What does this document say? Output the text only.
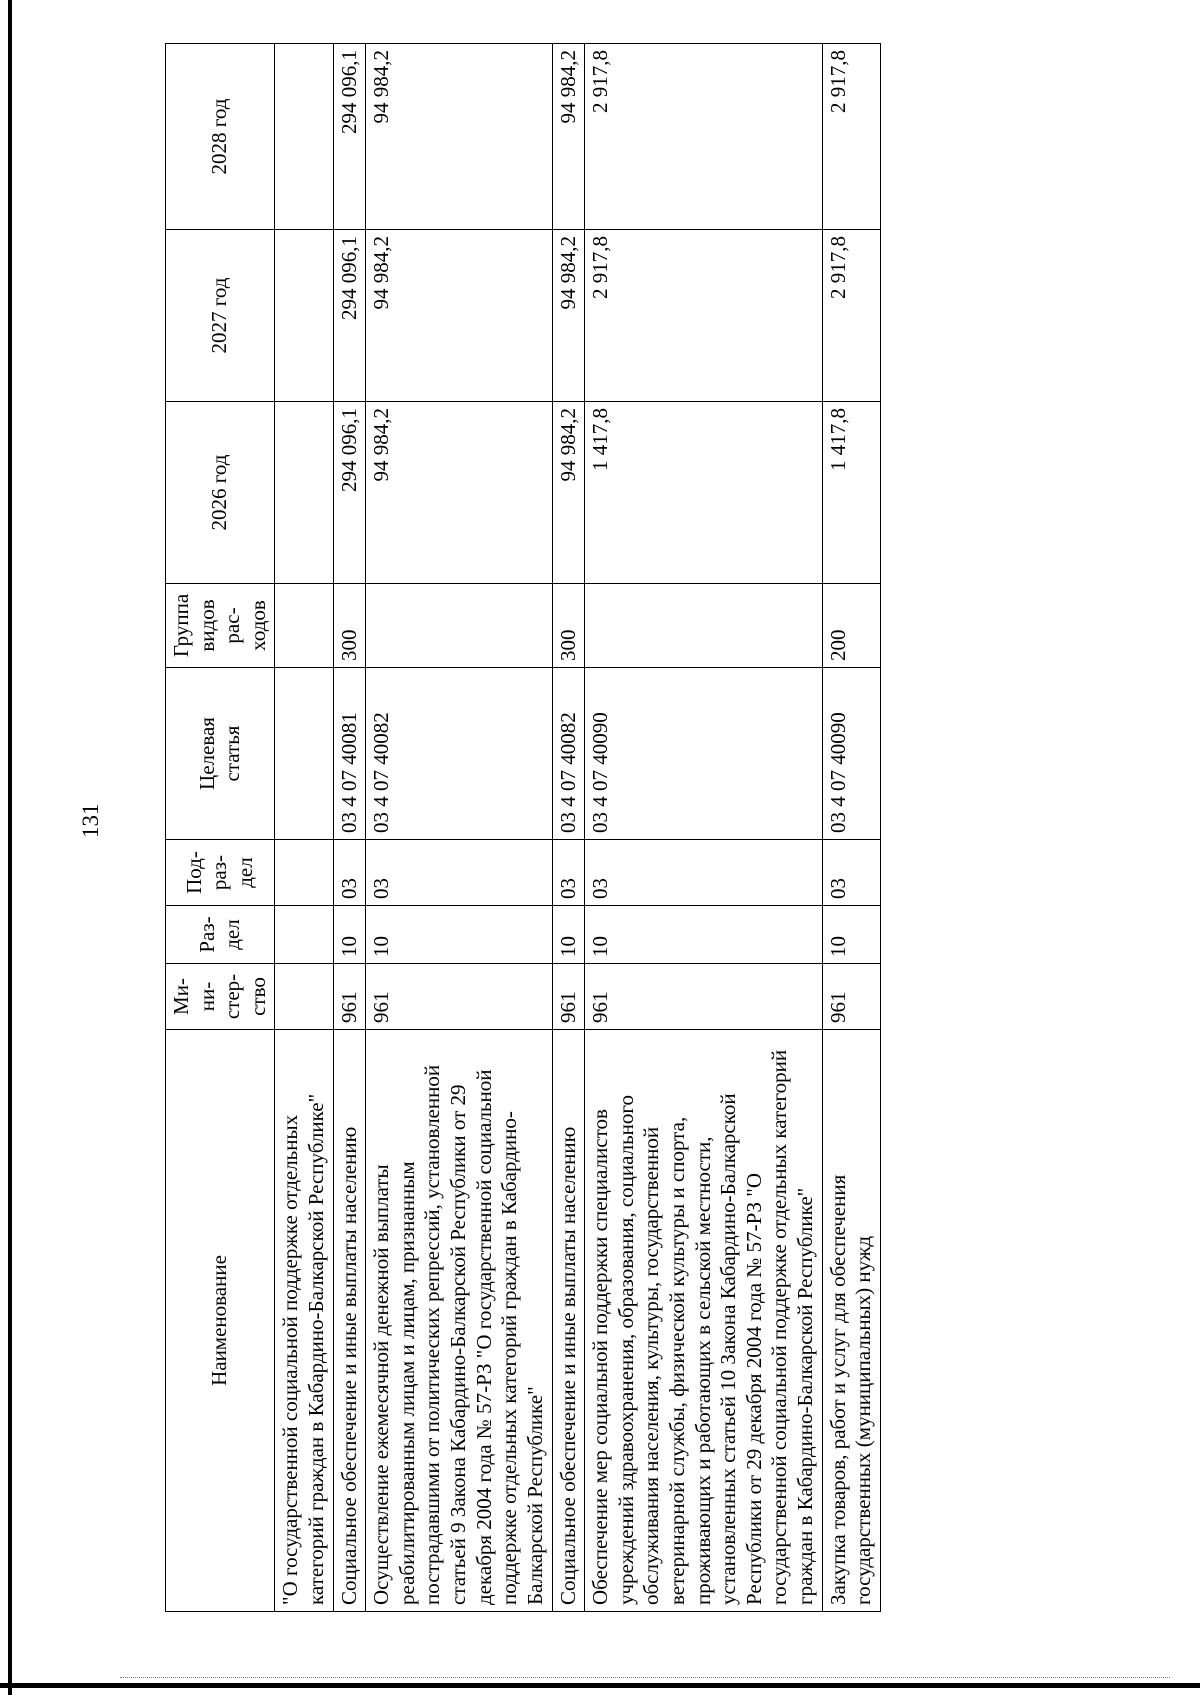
131
Наименование	Ми-
ни-
стер-
ство	Раз-
дел	Под-
раз-
дел	Целевая
статья	Группа
видов
рас-
ходов	2026 год	2027 год	2028 год
"О государственной социальной поддержке отдельных категорий граждан в Кабардино-Балкарской Республике"								
Социальное обеспечение и иные выплаты населению	961	10	03	03 4 07 40081	300	294 096,1	294 096,1	294 096,1
Осуществление ежемесячной денежной выплаты реабилитированным лицам и лицам, признанным пострадавшими от политических репрессий, установленной статьей 9 Закона Кабардино-Балкарской Республики от 29 декабря 2004 года № 57-РЗ "О государственной социальной поддержке отдельных категорий граждан в Кабардино-Балкарской Республике"	961	10	03	03 4 07 40082		94 984,2	94 984,2	94 984,2
Социальное обеспечение и иные выплаты населению	961	10	03	03 4 07 40082	300	94 984,2	94 984,2	94 984,2
Обеспечение мер социальной поддержки специалистов учреждений здравоохранения, образования, социального обслуживания населения, культуры, государственной ветеринарной службы, физической культуры и спорта, проживающих и работающих в сельской местности, установленных статьей 10 Закона Кабардино-Балкарской Республики от 29 декабря 2004 года № 57-РЗ "О государственной социальной поддержке отдельных категорий граждан в Кабардино-Балкарской Республике"	961	10	03	03 4 07 40090		1 417,8	2 917,8	2 917,8
Закупка товаров, работ и услуг для обеспечения государственных (муниципальных) нужд	961	10	03	03 4 07 40090	200	1 417,8	2 917,8	2 917,8
